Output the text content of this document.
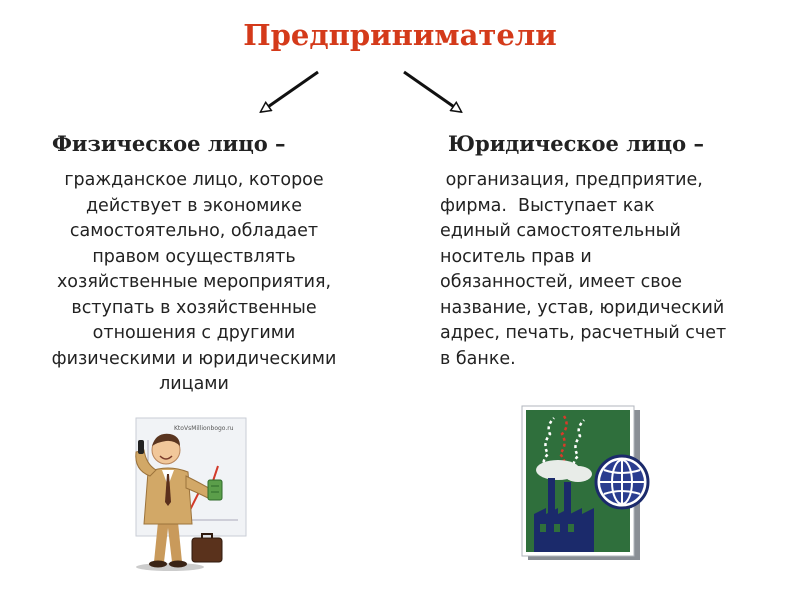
Предприниматели
Физическое лицо –	Юридическое лицо –
гражданское лицо, которое
действует в экономике
самостоятельно, обладает
правом осуществлять
хозяйственные мероприятия,
вступать в хозяйственные
отношения с другими
физическими и юридическими
лицами
организация, предприятие,
фирма.  Выступает как
единый самостоятельный
носитель прав и
обязанностей, имеет свое
название, устав, юридический
адрес, печать, расчетный счет
в банке.
KtoVsMillionbogo.ru
